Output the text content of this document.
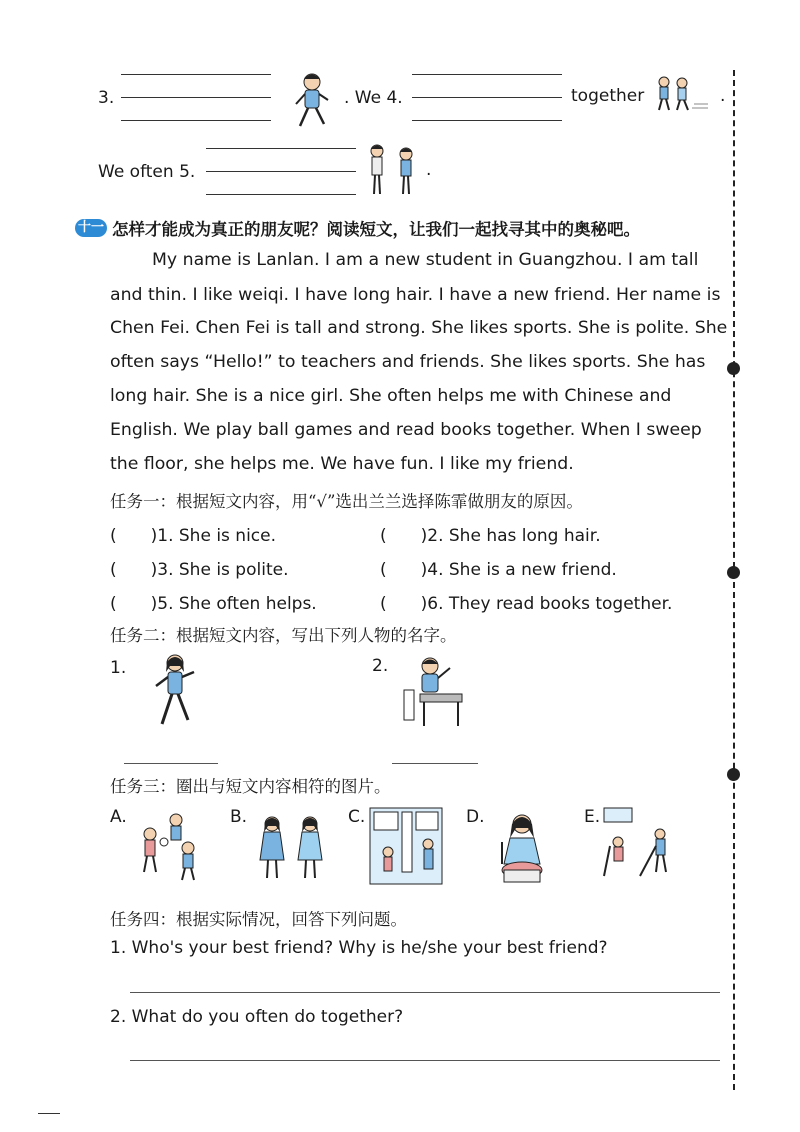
3.	. We 4.	together	.
We often 5.	.
十一 怎样才能成为真正的朋友呢？阅读短文，让我们一起找寻其中的奥秘吧。
My name is Lanlan. I am a new student in Guangzhou. I am tall
and thin. I like weiqi. I have long hair. I have a new friend. Her name is
Chen Fei. Chen Fei is tall and strong. She likes sports. She is polite. She
often says “Hello!” to teachers and friends. She likes sports. She has
long hair. She is a nice girl. She often helps me with Chinese and
English. We play ball games and read books together. When I sweep
the floor, she helps me. We have fun. I like my friend.
任务一：根据短文内容，用“√”选出兰兰选择陈霏做朋友的原因。
(　　)1. She is nice.	(　　)2. She has long hair.
(　　)3. She is polite.	(　　)4. She is a new friend.
(　　)5. She often helps.	(　　)6. They read books together.
任务二：根据短文内容，写出下列人物的名字。
1.	2.
任务三：圈出与短文内容相符的图片。
A.	B.	C.	D.	E.
任务四：根据实际情况，回答下列问题。
1. Who's your best friend? Why is he/she your best friend?
2. What do you often do together?
